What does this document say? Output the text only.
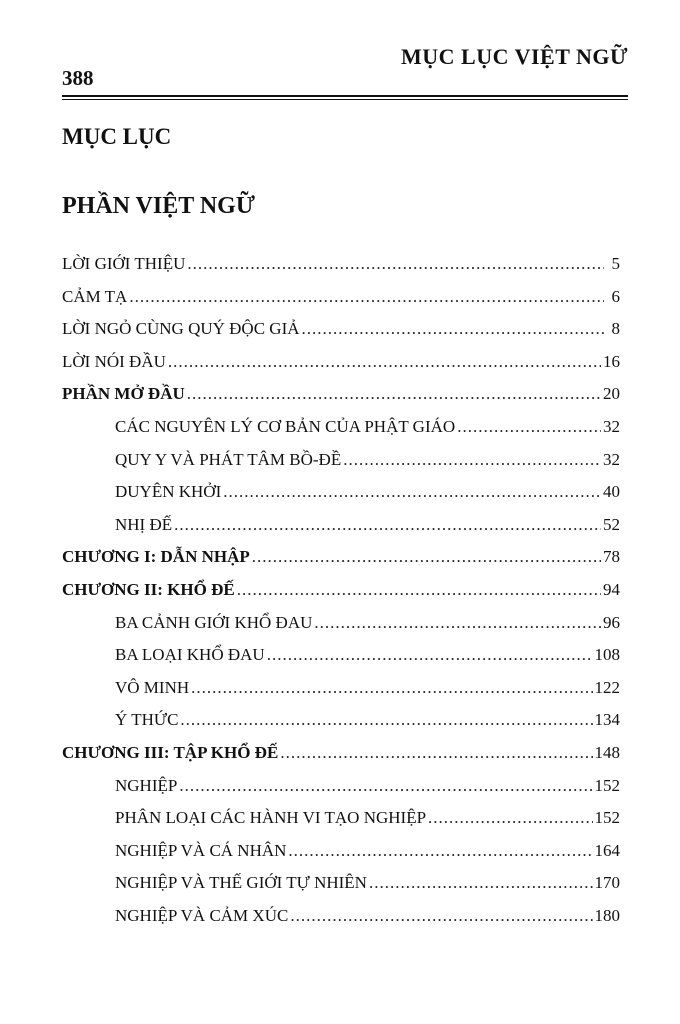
MỤC LỤC VIỆT NGỮ
388
MỤC LỤC
PHẦN VIỆT NGỮ
LỜI GIỚI THIỆU .....	5
CẢM TẠ .....	6
LỜI NGỎ CÙNG QUÝ ĐỘC GIẢ .....	8
LỜI NÓI ĐẦU .....	16
PHẦN MỞ ĐẦU .....	20
CÁC NGUYÊN LÝ CƠ BẢN CỦA PHẬT GIÁO .....	32
QUY Y VÀ PHÁT TÂM BỒ-ĐỀ .....	32
DUYÊN KHỞI .....	40
NHỊ ĐẾ .....	52
CHƯƠNG I: DẪN NHẬP .....	78
CHƯƠNG II: KHỔ ĐẾ .....	94
BA CẢNH GIỚI KHỔ ĐAU .....	96
BA LOẠI KHỔ ĐAU .....	108
VÔ MINH .....	122
Ý THỨC .....	134
CHƯƠNG III: TẬP KHỔ ĐẾ .....	148
NGHIỆP .....	152
PHÂN LOẠI CÁC HÀNH VI TẠO NGHIỆP .....	152
NGHIỆP VÀ CÁ NHÂN .....	164
NGHIỆP VÀ THẾ GIỚI TỰ NHIÊN .....	170
NGHIỆP VÀ CẢM XÚC .....	180
